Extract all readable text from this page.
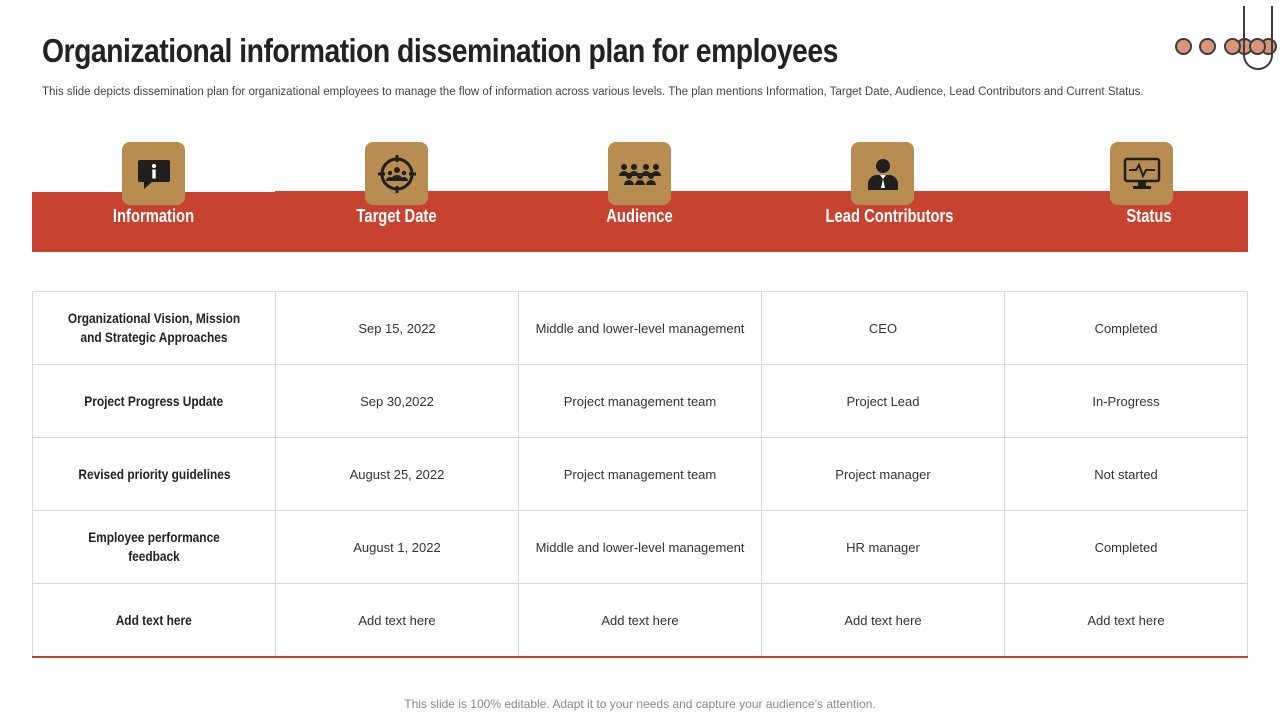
Organizational information dissemination plan for employees
This slide depicts dissemination plan for organizational employees to manage the flow of information across various levels. The plan mentions Information, Target Date, Audience, Lead Contributors and Current Status.
Information	Target Date	Audience	Lead Contributors	Status
Organizational Vision, Mission and Strategic Approaches	Sep 15, 2022	Middle and lower-level management	CEO	Completed
Project Progress Update	Sep 30,2022	Project management team	Project Lead	In-Progress
Revised priority guidelines	August 25, 2022	Project management team	Project manager	Not started
Employee performance feedback	August 1, 2022	Middle and lower-level management	HR manager	Completed
Add text here	Add text here	Add text here	Add text here	Add text here
This slide is 100% editable. Adapt it to your needs and capture your audience’s attention.
